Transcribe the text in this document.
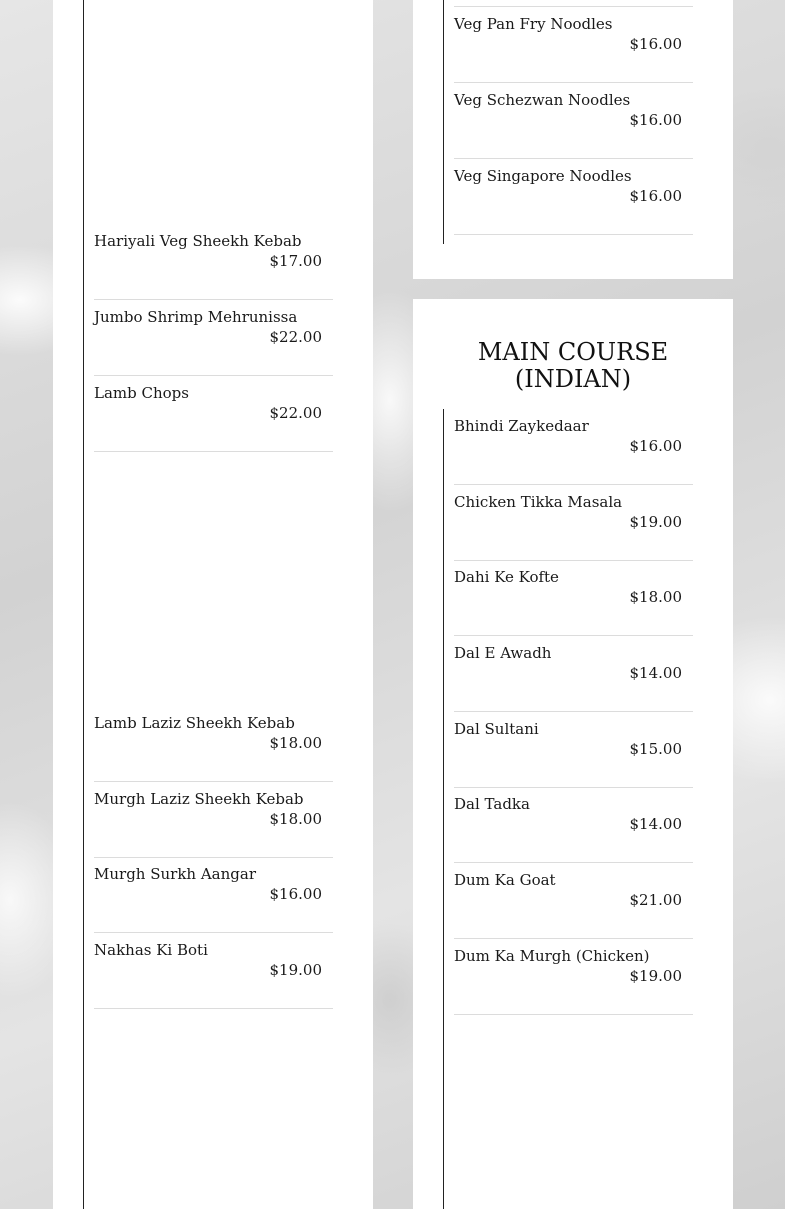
Hariyali Veg Sheekh Kebab
$17.00
Jumbo Shrimp Mehrunissa
$22.00
Lamb Chops
$22.00
Lamb Laziz Sheekh Kebab
$18.00
Murgh Laziz Sheekh Kebab
$18.00
Murgh Surkh Aangar
$16.00
Nakhas Ki Boti
$19.00
Veg Pan Fry Noodles
$16.00
Veg Schezwan Noodles
$16.00
Veg Singapore Noodles
$16.00
MAIN COURSE
(INDIAN)
Bhindi Zaykedaar
$16.00
Chicken Tikka Masala
$19.00
Dahi Ke Kofte
$18.00
Dal E Awadh
$14.00
Dal Sultani
$15.00
Dal Tadka
$14.00
Dum Ka Goat
$21.00
Dum Ka Murgh (Chicken)
$19.00
